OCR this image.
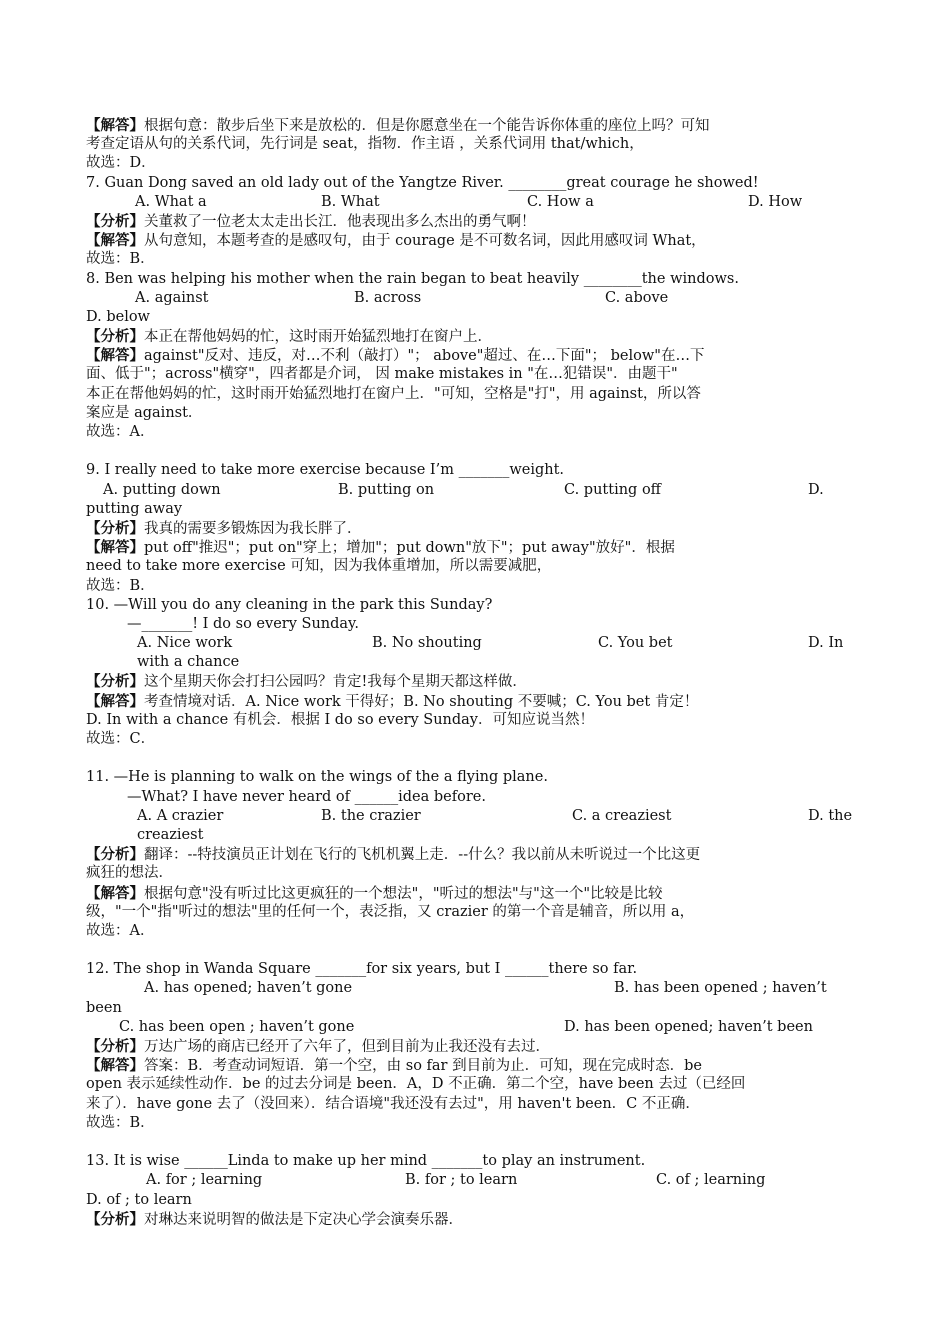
【解答】根据句意：散步后坐下来是放松的．但是你愿意坐在一个能告诉你体重的座位上吗？可知
考查定语从句的关系代词，先行词是 seat，指物．作主语 ，关系代词用 that/which，
故选：D．
7. Guan Dong saved an old lady out of the Yangtze River. ________great courage he showed!
A. What a	B. What	C. How a	D. How
【分析】关董救了一位老太太走出长江．他表现出多么杰出的勇气啊！
【解答】从句意知，本题考查的是感叹句，由于 courage 是不可数名词，因此用感叹词 What，
故选：B．
8. Ben was helping his mother when the rain began to beat heavily ________the windows.
A. against	B. across	C. above
D. below
【分析】本正在帮他妈妈的忙，这时雨开始猛烈地打在窗户上．
【解答】against"反对、违反，对…不利（敲打）"； above"超过、在…下面"； below"在…下
面、低于"；across"横穿"，四者都是介词， 因 make mistakes in "在…犯错误"．由题干"
本正在帮他妈妈的忙，这时雨开始猛烈地打在窗户上．"可知，空格是"打"，用 against，所以答
案应是 against．
故选：A．
9. I really need to take more exercise because I’m _______weight.
A. putting down	B. putting on	C. putting off	D.
putting away
【分析】我真的需要多锻炼因为我长胖了．
【解答】put off"推迟"；put on"穿上；增加"；put down"放下"；put away"放好"．根据
need to take more exercise 可知，因为我体重增加，所以需要减肥，
故选：B．
10. —Will you do any cleaning in the park this Sunday?
—_______! I do so every Sunday.
A. Nice work	B. No shouting	C. You bet	D. In
with a chance
【分析】这个星期天你会打扫公园吗？肯定!我每个星期天都这样做．
【解答】考查情境对话．A. Nice work 干得好；B. No shouting 不要喊；C. You bet 肯定！
D. In with a chance 有机会．根据 I do so every Sunday．可知应说当然！
故选：C．
11. —He is planning to walk on the wings of the a flying plane.
—What? I have never heard of ______idea before.
A. A crazier	B. the crazier	C. a creaziest	D. the
creaziest
【分析】翻译：--特技演员正计划在飞行的飞机机翼上走．--什么？我以前从未听说过一个比这更
疯狂的想法．
【解答】根据句意"没有听过比这更疯狂的一个想法"，"听过的想法"与"这一个"比较是比较
级，"一个"指"听过的想法"里的任何一个，表泛指，又 crazier 的第一个音是辅音，所以用 a，
故选：A．
12. The shop in Wanda Square _______for six years, but I ______there so far.
A. has opened; haven’t gone	B. has been opened ; haven’t
been
C. has been open ; haven’t gone	D. has been opened; haven’t been
【分析】万达广场的商店已经开了六年了，但到目前为止我还没有去过．
【解答】答案：B．考查动词短语．第一个空，由 so far 到目前为止．可知，现在完成时态．be
open 表示延续性动作．be 的过去分词是 been．A，D 不正确．第二个空，have been 去过（已经回
来了）．have gone 去了（没回来）．结合语境"我还没有去过"，用 haven't been．C 不正确．
故选：B．
13. It is wise ______Linda to make up her mind _______to play an instrument.
A. for ; learning	B. for ; to learn	C. of ; learning
D. of ; to learn
【分析】对琳达来说明智的做法是下定决心学会演奏乐器．
